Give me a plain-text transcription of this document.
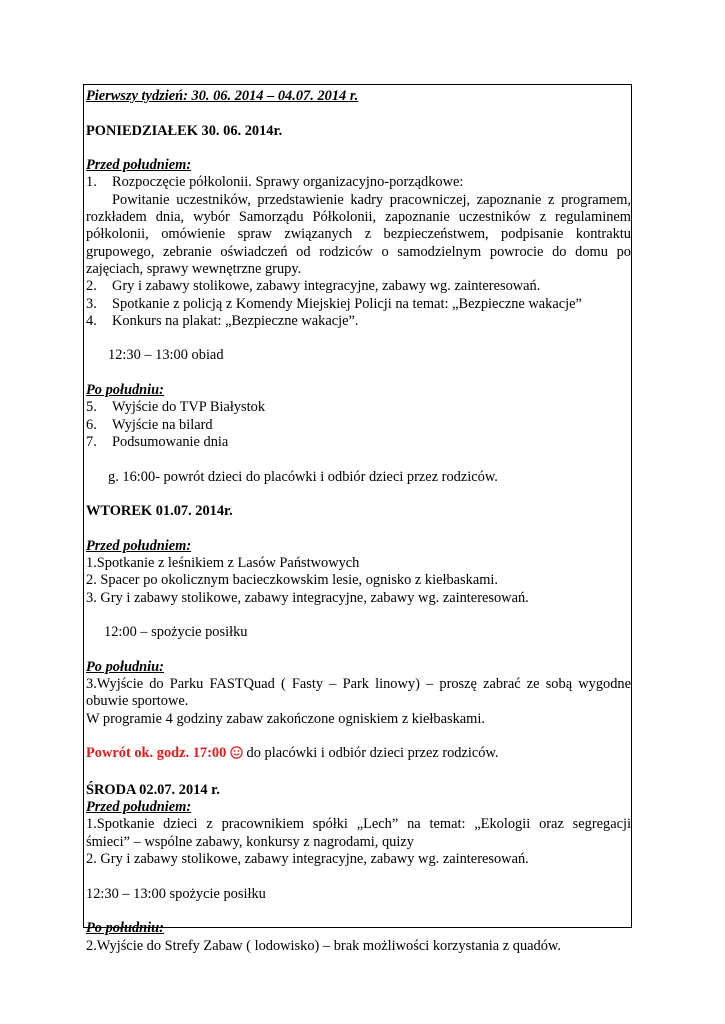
Pierwszy tydzień: 30. 06. 2014 – 04.07. 2014 r.

PONIEDZIAŁEK 30. 06. 2014r.

Przed południem:

1.	Rozpoczęcie półkolonii. Sprawy organizacyjno-porządkowe:

Powitanie uczestników, przedstawienie kadry pracowniczej, zapoznanie z programem, rozkładem dnia, wybór Samorządu Półkolonii, zapoznanie uczestników z regulaminem półkolonii, omówienie spraw związanych z bezpieczeństwem, podpisanie kontraktu grupowego, zebranie oświadczeń od rodziców o samodzielnym powrocie do domu po zajęciach, sprawy wewnętrzne grupy.

2.	Gry i zabawy stolikowe, zabawy integracyjne, zabawy wg. zainteresowań.
3.	Spotkanie z policją z Komendy Miejskiej Policji na temat: „Bezpieczne wakacje”
4.	Konkurs na plakat: „Bezpieczne wakacje”.

12:30 – 13:00 obiad

Po południu:

5.	Wyjście do TVP Białystok
6.	Wyjście na bilard
7.	Podsumowanie dnia

g. 16:00- powrót dzieci do placówki i odbiór dzieci przez rodziców.

WTOREK 01.07. 2014r.

Przed południem:

1.Spotkanie z leśnikiem z Lasów Państwowych

2. Spacer po okolicznym bacieczkowskim lesie, ognisko z kiełbaskami.

3. Gry i zabawy stolikowe, zabawy integracyjne, zabawy wg. zainteresowań.

12:00 – spożycie posiłku

Po południu:

3.Wyjście do Parku FASTQuad ( Fasty – Park linowy) – proszę zabrać ze sobą wygodne

obuwie sportowe.

W programie 4 godziny zabaw zakończone ogniskiem z kiełbaskami.

Powrót ok. godz. 17:00 do placówki i odbiór dzieci przez rodziców.

ŚRODA 02.07. 2014 r.

Przed południem:

1.Spotkanie dzieci z pracownikiem spółki „Lech” na temat: „Ekologii oraz segregacji

śmieci” – wspólne zabawy, konkursy z nagrodami, quizy

2. Gry i zabawy stolikowe, zabawy integracyjne, zabawy wg. zainteresowań.

12:30 – 13:00 spożycie posiłku

Po południu:

2.Wyjście do Strefy Zabaw ( lodowisko) – brak możliwości korzystania z quadów.
